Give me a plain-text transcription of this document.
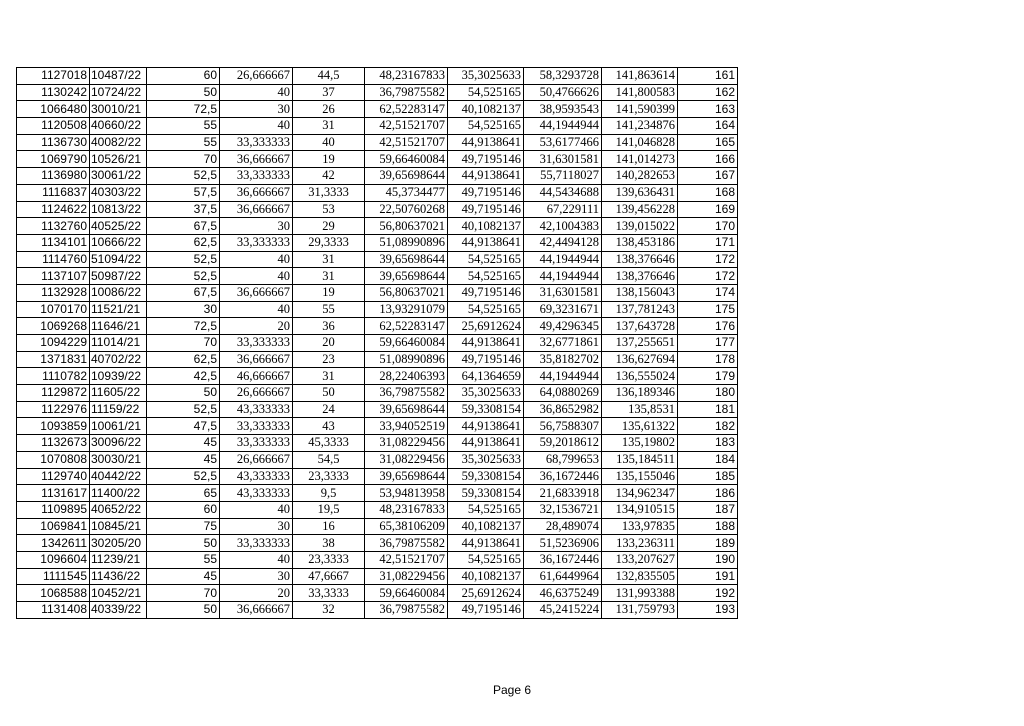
1127018	10487/22	60	26,666667	44,5	48,23167833	35,3025633	58,3293728	141,863614	161
1130242	10724/22	50	40	37	36,79875582	54,525165	50,4766626	141,800583	162
1066480	30010/21	72,5	30	26	62,52283147	40,1082137	38,9593543	141,590399	163
1120508	40660/22	55	40	31	42,51521707	54,525165	44,1944944	141,234876	164
1136730	40082/22	55	33,333333	40	42,51521707	44,9138641	53,6177466	141,046828	165
1069790	10526/21	70	36,666667	19	59,66460084	49,7195146	31,6301581	141,014273	166
1136980	30061/22	52,5	33,333333	42	39,65698644	44,9138641	55,7118027	140,282653	167
1116837	40303/22	57,5	36,666667	31,3333	45,3734477	49,7195146	44,5434688	139,636431	168
1124622	10813/22	37,5	36,666667	53	22,50760268	49,7195146	67,229111	139,456228	169
1132760	40525/22	67,5	30	29	56,80637021	40,1082137	42,1004383	139,015022	170
1134101	10666/22	62,5	33,333333	29,3333	51,08990896	44,9138641	42,4494128	138,453186	171
1114760	51094/22	52,5	40	31	39,65698644	54,525165	44,1944944	138,376646	172
1137107	50987/22	52,5	40	31	39,65698644	54,525165	44,1944944	138,376646	172
1132928	10086/22	67,5	36,666667	19	56,80637021	49,7195146	31,6301581	138,156043	174
1070170	11521/21	30	40	55	13,93291079	54,525165	69,3231671	137,781243	175
1069268	11646/21	72,5	20	36	62,52283147	25,6912624	49,4296345	137,643728	176
1094229	11014/21	70	33,333333	20	59,66460084	44,9138641	32,6771861	137,255651	177
1371831	40702/22	62,5	36,666667	23	51,08990896	49,7195146	35,8182702	136,627694	178
1110782	10939/22	42,5	46,666667	31	28,22406393	64,1364659	44,1944944	136,555024	179
1129872	11605/22	50	26,666667	50	36,79875582	35,3025633	64,0880269	136,189346	180
1122976	11159/22	52,5	43,333333	24	39,65698644	59,3308154	36,8652982	135,8531	181
1093859	10061/21	47,5	33,333333	43	33,94052519	44,9138641	56,7588307	135,61322	182
1132673	30096/22	45	33,333333	45,3333	31,08229456	44,9138641	59,2018612	135,19802	183
1070808	30030/21	45	26,666667	54,5	31,08229456	35,3025633	68,799653	135,184511	184
1129740	40442/22	52,5	43,333333	23,3333	39,65698644	59,3308154	36,1672446	135,155046	185
1131617	11400/22	65	43,333333	9,5	53,94813958	59,3308154	21,6833918	134,962347	186
1109895	40652/22	60	40	19,5	48,23167833	54,525165	32,1536721	134,910515	187
1069841	10845/21	75	30	16	65,38106209	40,1082137	28,489074	133,97835	188
1342611	30205/20	50	33,333333	38	36,79875582	44,9138641	51,5236906	133,236311	189
1096604	11239/21	55	40	23,3333	42,51521707	54,525165	36,1672446	133,207627	190
1111545	11436/22	45	30	47,6667	31,08229456	40,1082137	61,6449964	132,835505	191
1068588	10452/21	70	20	33,3333	59,66460084	25,6912624	46,6375249	131,993388	192
1131408	40339/22	50	36,666667	32	36,79875582	49,7195146	45,2415224	131,759793	193
Page 6
